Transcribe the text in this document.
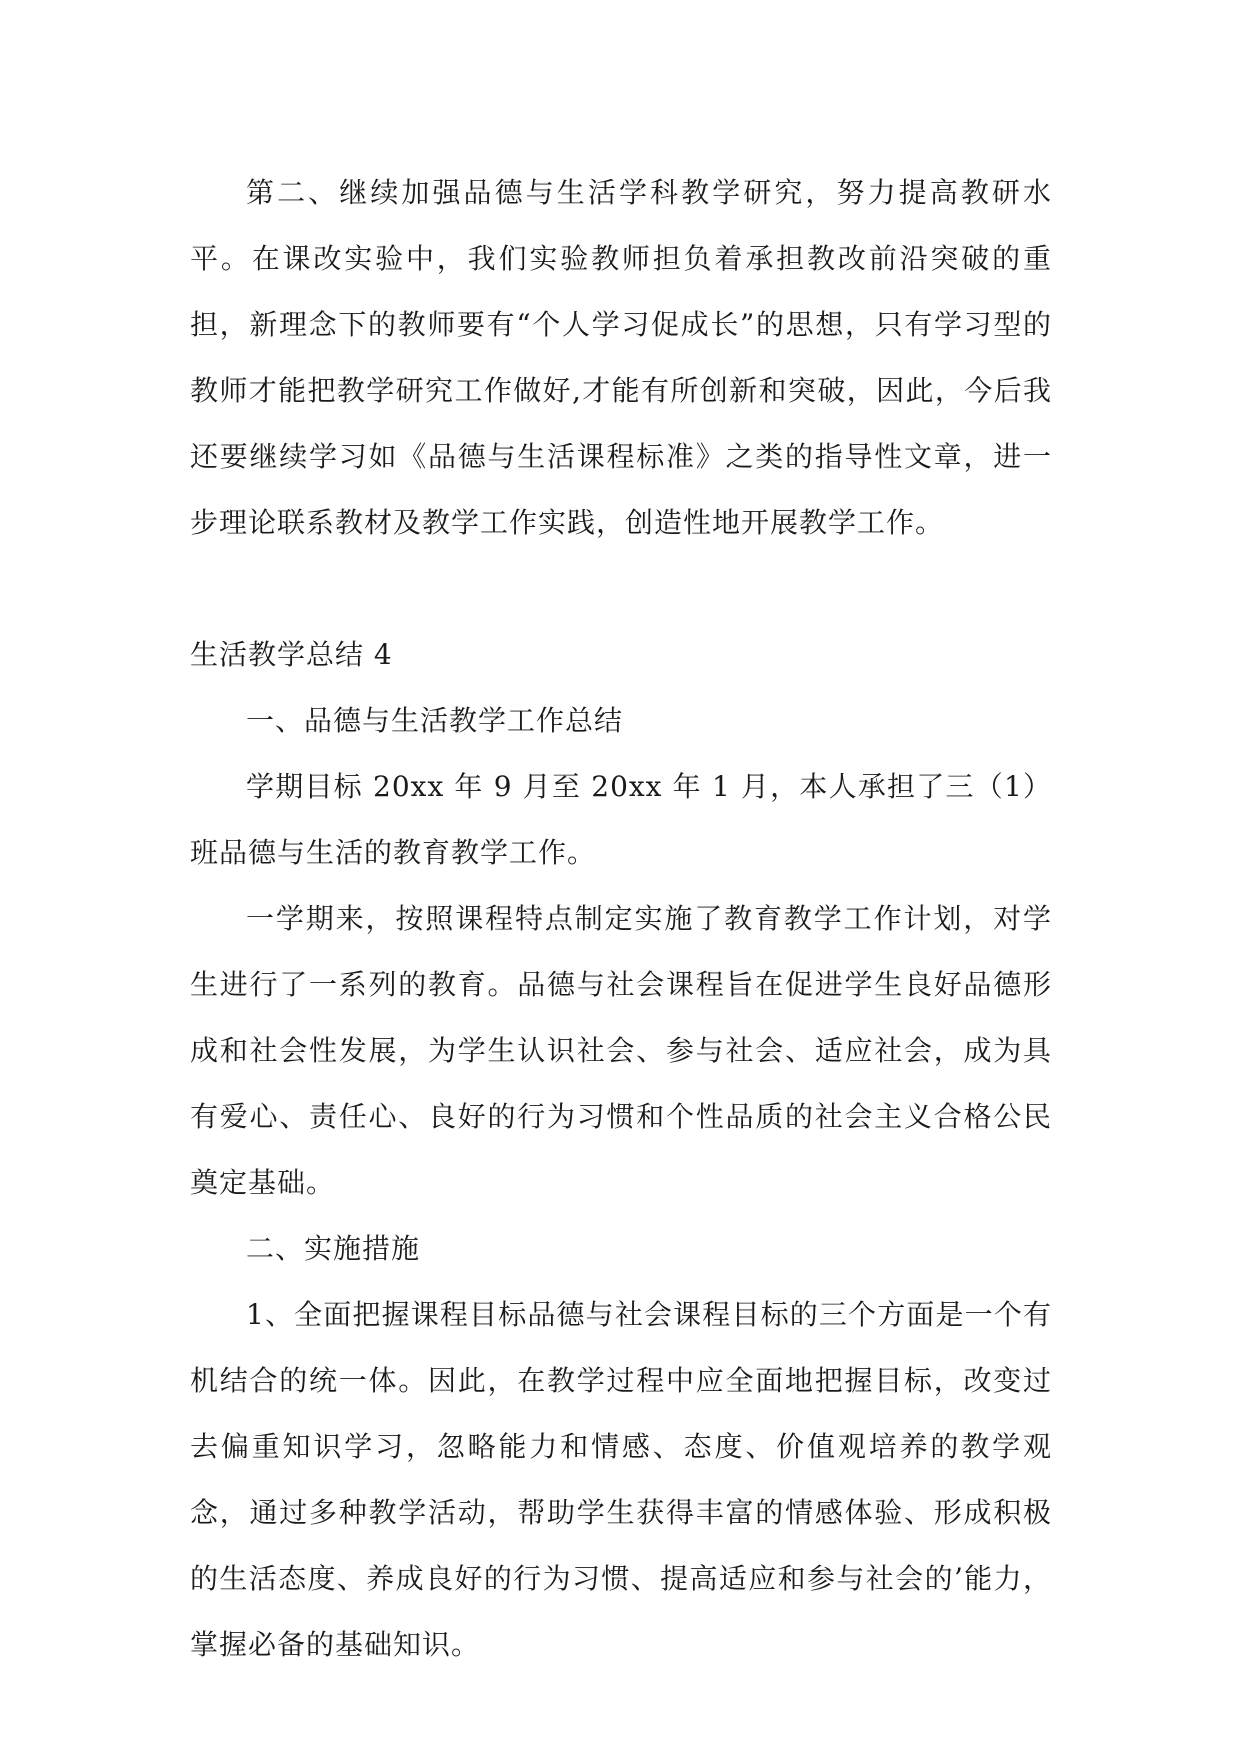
第二、继续加强品德与生活学科教学研究，努力提高教研水平。在课改实验中，我们实验教师担负着承担教改前沿突破的重担，新理念下的教师要有“个人学习促成长”的思想，只有学习型的教师才能把教学研究工作做好,才能有所创新和突破，因此，今后我还要继续学习如《品德与生活课程标准》之类的指导性文章，进一步理论联系教材及教学工作实践，创造性地开展教学工作。

生活教学总结 4

一、品德与生活教学工作总结

学期目标 20xx 年 9 月至 20xx 年 1 月，本人承担了三（1）班品德与生活的教育教学工作。

一学期来，按照课程特点制定实施了教育教学工作计划，对学生进行了一系列的教育。品德与社会课程旨在促进学生良好品德形成和社会性发展，为学生认识社会、参与社会、适应社会，成为具有爱心、责任心、良好的行为习惯和个性品质的社会主义合格公民奠定基础。

二、实施措施

1、全面把握课程目标品德与社会课程目标的三个方面是一个有机结合的统一体。因此，在教学过程中应全面地把握目标，改变过去偏重知识学习，忽略能力和情感、态度、价值观培养的教学观念，通过多种教学活动，帮助学生获得丰富的情感体验、形成积极的生活态度、养成良好的行为习惯、提高适应和参与社会的’能力，掌握必备的基础知识。
